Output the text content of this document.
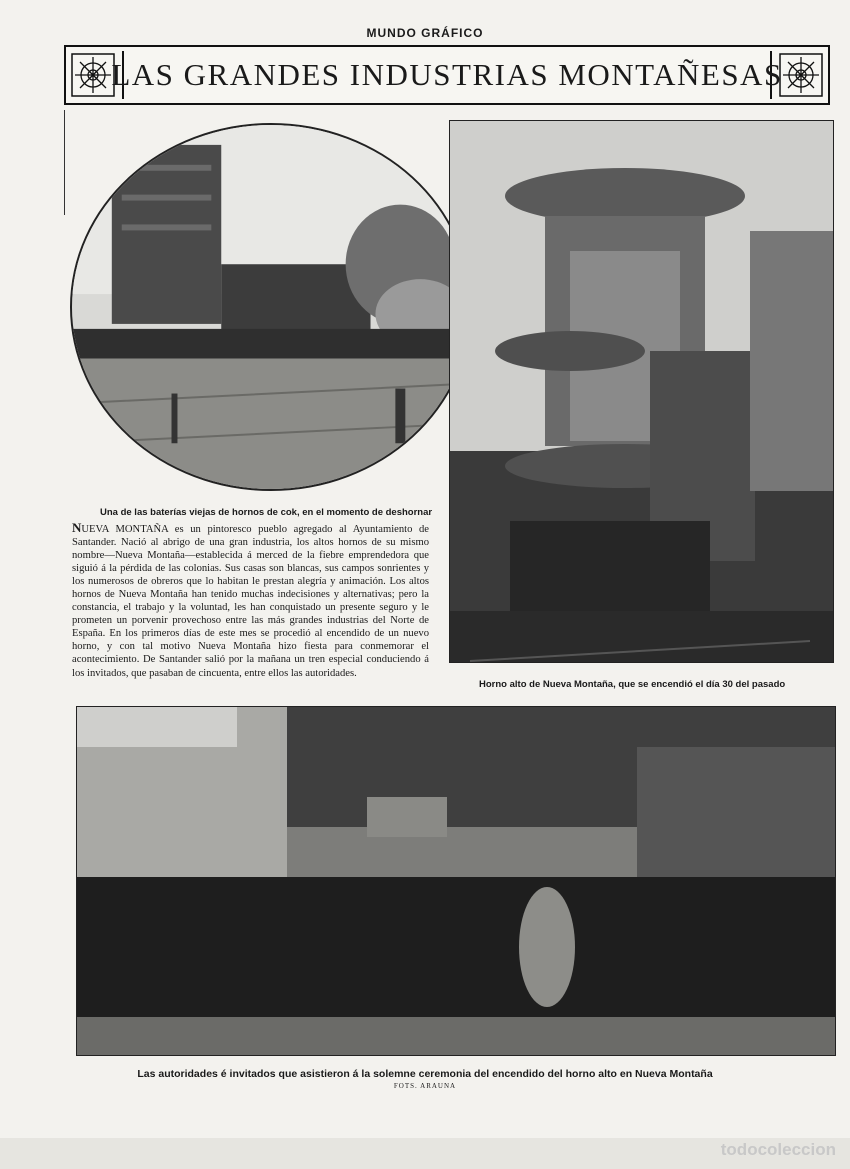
MUNDO GRÁFICO
LAS GRANDES INDUSTRIAS MONTAÑESAS
Una de las baterías viejas de hornos de cok, en el momento de deshornar
NUEVA MONTAÑA es un pintoresco pueblo agregado al Ayuntamiento de Santander. Nació al abrigo de una gran industria, los altos hornos de su mismo nombre—Nueva Montaña—establecida á merced de la fiebre emprendedora que siguió á la pérdida de las colonias. Sus casas son blancas, sus campos sonrientes y los numerosos de obreros que lo habitan le prestan alegría y animación. Los altos hornos de Nueva Montaña han tenido muchas indecisiones y alternativas; pero la constancia, el trabajo y la voluntad, les han conquistado un presente seguro y le prometen un porvenir provechoso entre las más grandes industrias del Norte de España. En los primeros días de este mes se procedió al encendido de un nuevo horno, y con tal motivo Nueva Montaña hizo fiesta para conmemorar el acontecimiento. De Santander salió por la mañana un tren especial conduciendo á los invitados, que pasaban de cincuenta, entre ellos las autoridades.
Horno alto de Nueva Montaña, que se encendió el día 30 del pasado
Las autoridades é invitados que asistieron á la solemne ceremonia del encendido del horno alto en Nueva Montaña
FOTS. ARAUNA
todocoleccion
